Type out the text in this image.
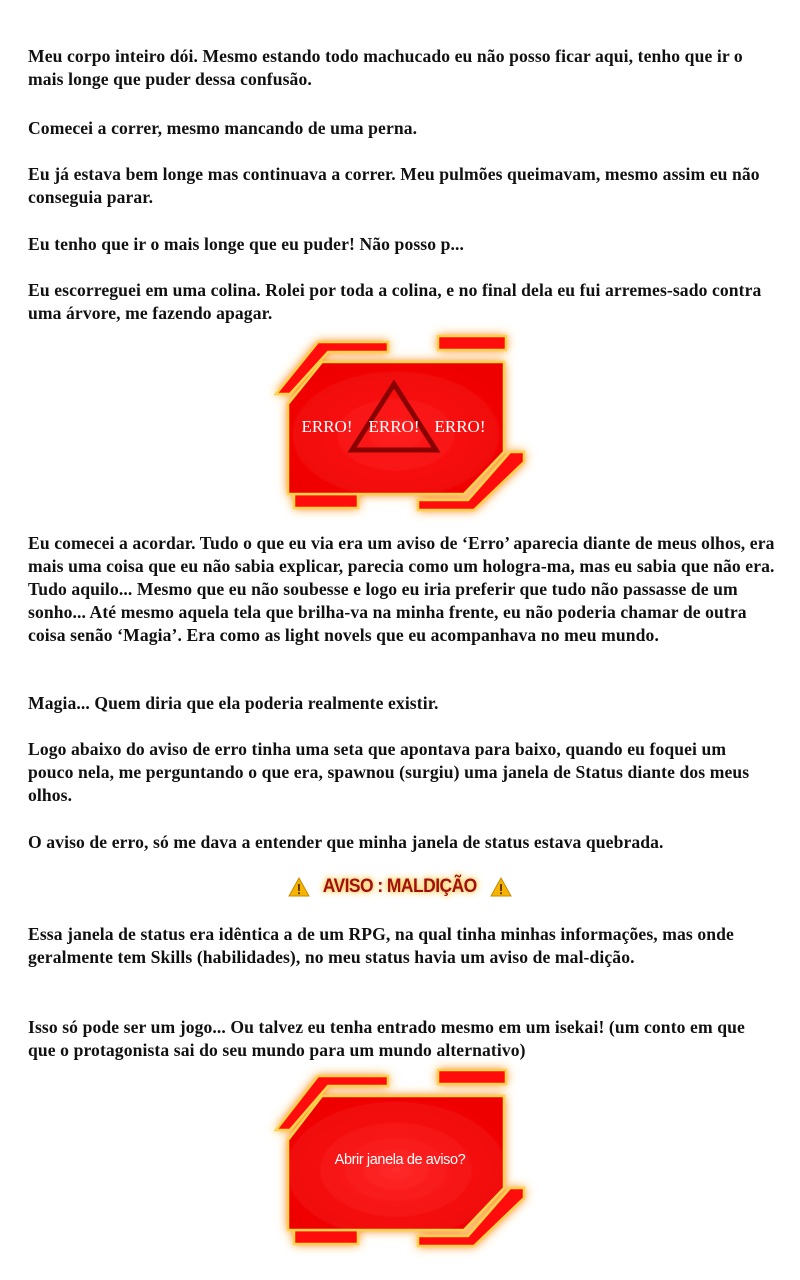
Meu corpo inteiro dói. Mesmo estando todo machucado eu não posso ficar aqui, tenho que ir o mais longe que puder dessa confusão.

Comecei a correr, mesmo mancando de uma perna.

Eu já estava bem longe mas continuava a correr. Meu pulmões queimavam, mesmo assim eu não conseguia parar.

Eu tenho que ir o mais longe que eu puder! Não posso p...

Eu escorreguei em uma colina. Rolei por toda a colina, e no final dela eu fui arremes-sado contra uma árvore, me fazendo apagar.

ERRO! ERRO! ERRO!

Eu comecei a acordar. Tudo o que eu via era um aviso de ‘Erro’ aparecia diante de meus olhos, era mais uma coisa que eu não sabia explicar, parecia como um hologra-ma, mas eu sabia que não era. Tudo aquilo... Mesmo que eu não soubesse e logo eu iria preferir que tudo não passasse de um sonho... Até mesmo aquela tela que brilha-va na minha frente, eu não poderia chamar de outra coisa senão ‘Magia’. Era como as light novels que eu acompanhava no meu mundo.

Magia... Quem diria que ela poderia realmente existir.

Logo abaixo do aviso de erro tinha uma seta que apontava para baixo, quando eu foquei um pouco nela, me perguntando o que era, spawnou (surgiu) uma janela de Status diante dos meus olhos.

O aviso de erro, só me dava a entender que minha janela de status estava quebrada.

AVISO : MALDIÇÃO

Essa janela de status era idêntica a de um RPG, na qual tinha minhas informações, mas onde geralmente tem Skills (habilidades), no meu status havia um aviso de mal-dição.

Isso só pode ser um jogo... Ou talvez eu tenha entrado mesmo em um isekai! (um conto em que que o protagonista sai do seu mundo para um mundo alternativo)

Abrir janela de aviso?
